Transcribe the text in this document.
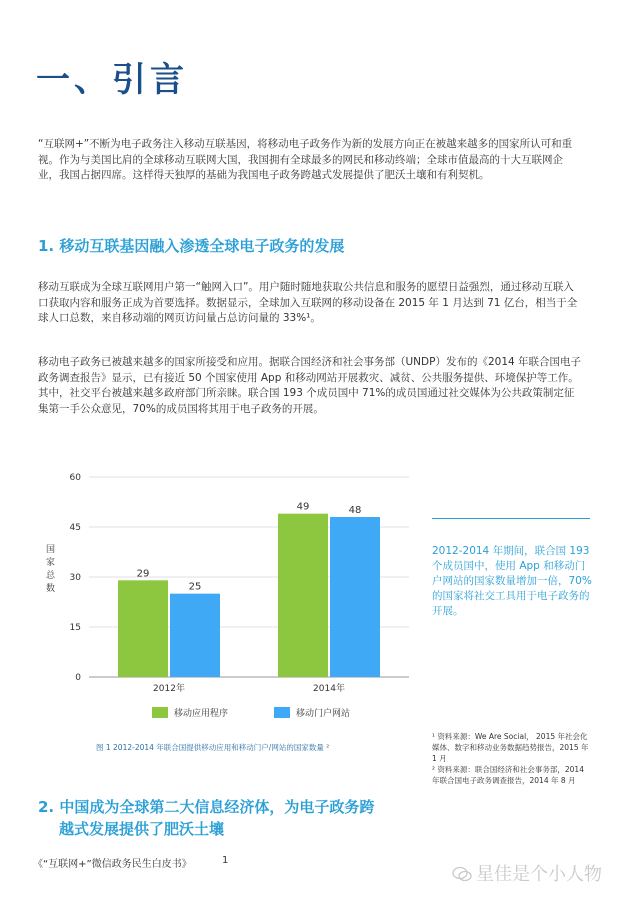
一、引言
“互联网+”不断为电子政务注入移动互联基因，将移动电子政务作为新的发展方向正在被越来越多的国家所认可和重视。作为与美国比肩的全球移动互联网大国，我国拥有全球最多的网民和移动终端；全球市值最高的十大互联网企业，我国占据四席。这样得天独厚的基础为我国电子政务跨越式发展提供了肥沃土壤和有利契机。
1. 移动互联基因融入渗透全球电子政务的发展
移动互联成为全球互联网用户第一“触网入口”。用户随时随地获取公共信息和服务的愿望日益强烈，通过移动互联入口获取内容和服务正成为首要选择。数据显示，全球加入互联网的移动设备在 2015 年 1 月达到 71 亿台，相当于全球人口总数，来自移动端的网页访问量占总访问量的 33%¹。
移动电子政务已被越来越多的国家所接受和应用。据联合国经济和社会事务部（UNDP）发布的《2014 年联合国电子政务调查报告》显示，已有接近 50 个国家使用 App 和移动网站开展救灾、减贫、公共服务提供、环境保护等工作。其中，社交平台被越来越多政府部门所亲睐。联合国 193 个成员国中 71%的成员国通过社交媒体为公共政策制定征集第一手公众意见，70%的成员国将其用于电子政务的开展。
0
15
30
45
60
国家总数
29
25
49	48
2012年	2014年
移动应用程序	移动门户网站
图 1 2012-2014 年联合国提供移动应用和移动门户/网站的国家数量 ²
2012-2014 年期间，联合国 193 个成员国中，使用 App 和移动门户网站的国家数量增加一倍，70%的国家将社交工具用于电子政务的开展。
¹ 资料来源：We Are Social， 2015 年社会化媒体、数字和移动业务数据趋势报告，2015 年 1 月
² 资料来源：联合国经济和社会事务部，2014 年联合国电子政务调查报告，2014 年 8 月
2. 中国成为全球第二大信息经济体，为电子政务跨
越式发展提供了肥沃土壤
《“互联网+”微信政务民生白皮书》	1
星佳是个小人物
